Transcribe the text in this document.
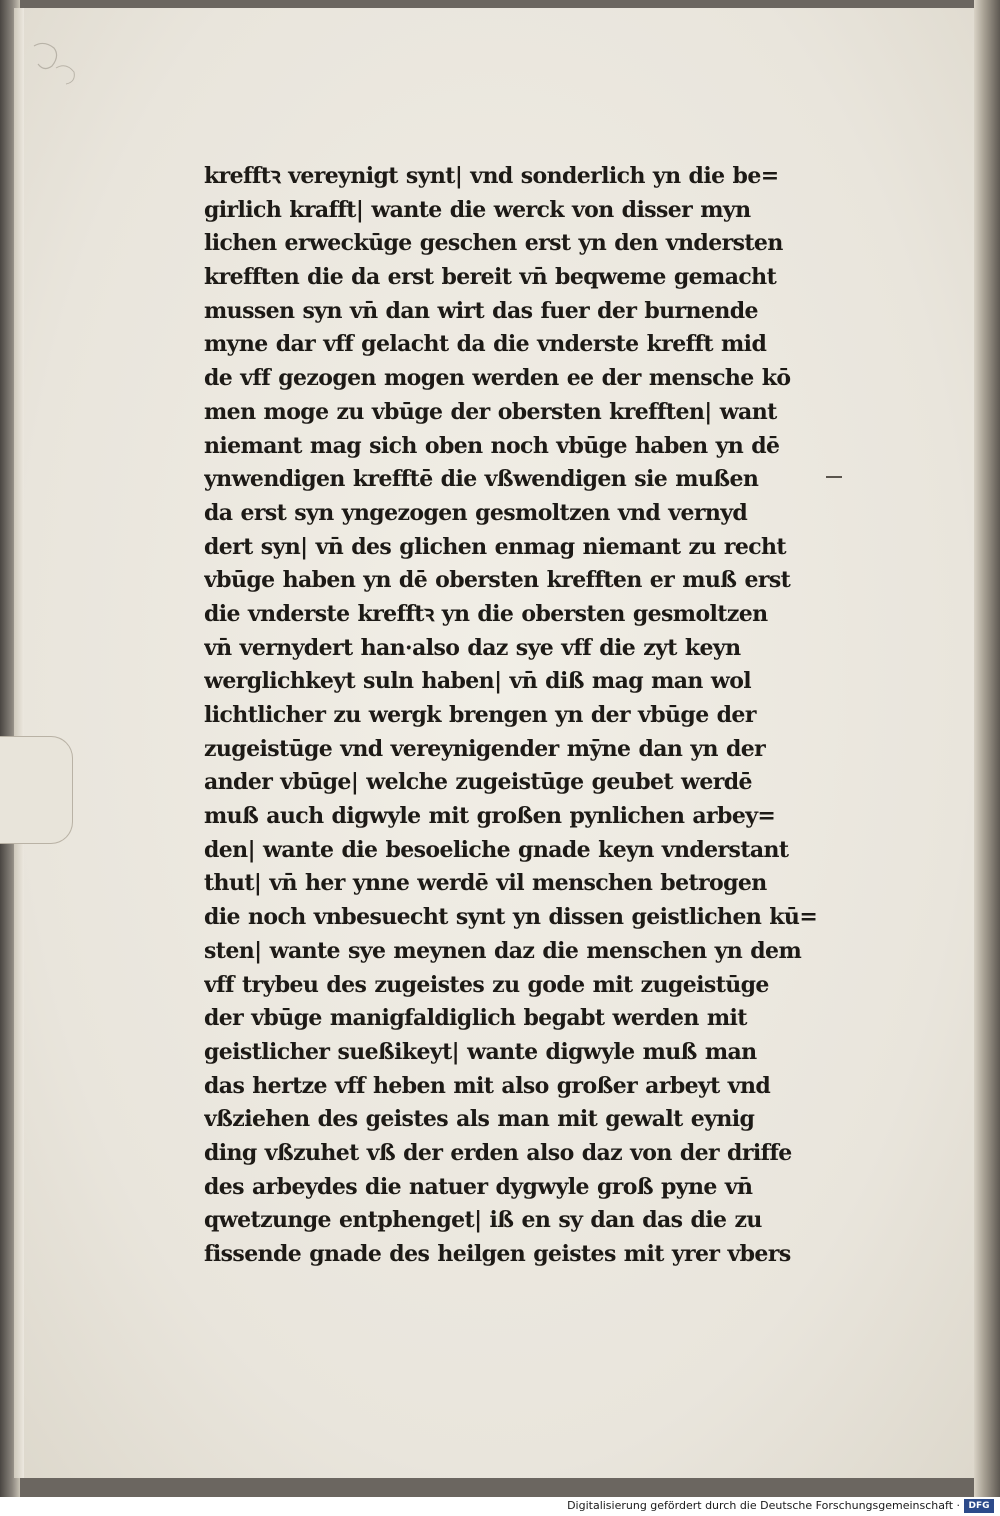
krefftꝛ vereynigt synt| vnd sonderlich yn die be=
girlich krafft| wante die werck von disser myn
lichen erweckūge geschen erst yn den vndersten
krefften die da erst bereit vn̄ beqweme gemacht
mussen syn vn̄ dan wirt das fuer der burnende
myne dar vff gelacht da die vnderste krefft mid
de vff gezogen mogen werden ee der mensche kō
men moge zu vbūge der obersten krefften| want
niemant mag sich oben noch vbūge haben yn dē
ynwendigen krefftē die vßwendigen sie mußen
da erst syn yngezogen gesmoltzen vnd vernyd
dert syn| vn̄ des glichen enmag niemant zu recht
vbūge haben yn dē obersten krefften er muß erst
die vnderste krefftꝛ yn die obersten gesmoltzen
vn̄ vernydert han·also daz sye vff die zyt keyn
werglichkeyt suln haben| vn̄ diß mag man wol
lichtlicher zu wergk brengen yn der vbūge der
zugeistūge vnd vereynigender mȳne dan yn der
ander vbūge| welche zugeistūge geubet werdē
muß auch digwyle mit großen pynlichen arbey=
den| wante die besoeliche gnade keyn vnderstant
thut| vn̄ her ynne werdē vil menschen betrogen
die noch vnbesuecht synt yn dissen geistlichen kū=
sten| wante sye meynen daz die menschen yn dem
vff trybeu des zugeistes zu gode mit zugeistūge
der vbūge manigfaldiglich begabt werden mit
geistlicher sueßikeyt| wante digwyle muß man
das hertze vff heben mit also großer arbeyt vnd
vßziehen des geistes als man mit gewalt eynig
ding vßzuhet vß der erden also daz von der driffe
des arbeydes die natuer dygwyle groß pyne vn̄
qwetzunge entphenget| iß en sy dan das die zu
fissende gnade des heilgen geistes mit yrer vbers
Digitalisierung gefördert durch die Deutsche Forschungsgemeinschaft · DFG
